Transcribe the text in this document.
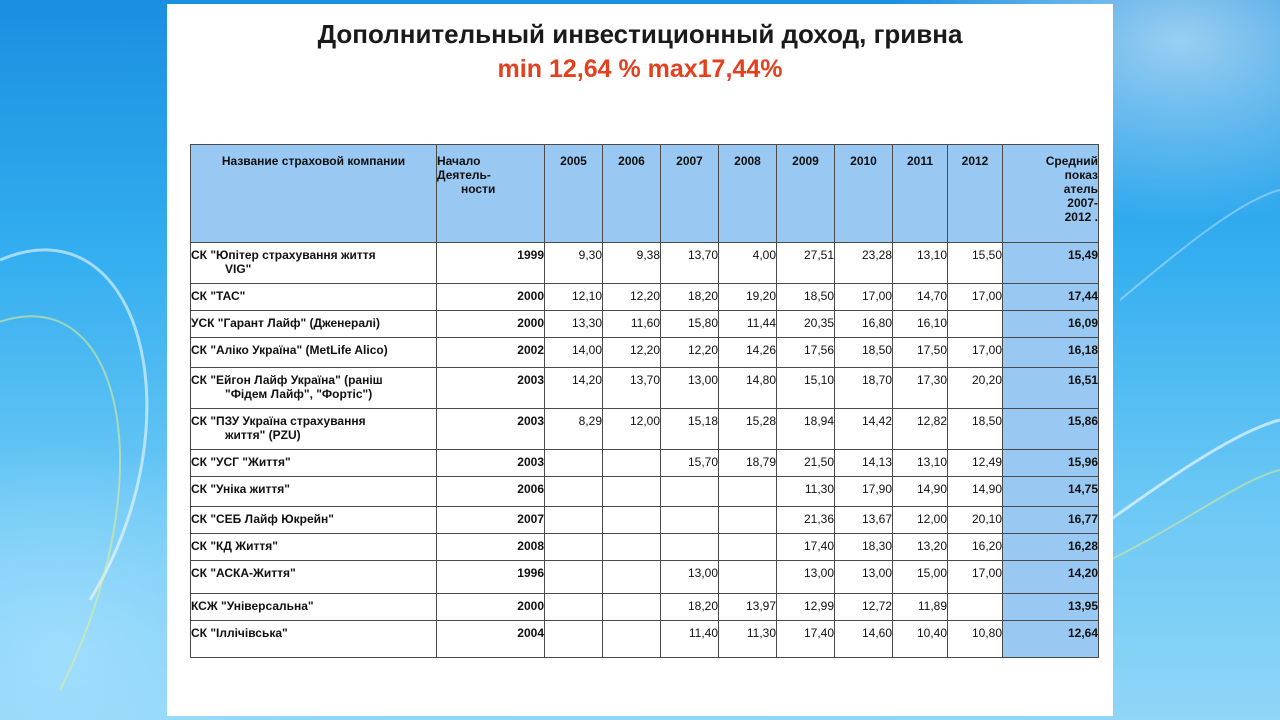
Дополнительный инвестиционный доход, гривна
min 12,64 % max17,44%
Название страховой компании	Начало
Деятель-
ности	2005	2006	2007	2008	2009	2010	2011	2012	Средний
показ
атель
2007-
2012 .
СК "Юпітер страхування життя
VIG"	1999	9,30	9,38	13,70	4,00	27,51	23,28	13,10	15,50	15,49
СК "ТАС"	2000	12,10	12,20	18,20	19,20	18,50	17,00	14,70	17,00	17,44
УСК "Гарант Лайф" (Дженералі)	2000	13,30	11,60	15,80	11,44	20,35	16,80	16,10		16,09
СК "Аліко Україна" (MetLife Alico)	2002	14,00	12,20	12,20	14,26	17,56	18,50	17,50	17,00	16,18
СК "Ейгон Лайф Україна" (раніш
"Фідем Лайф", "Фортіс")	2003	14,20	13,70	13,00	14,80	15,10	18,70	17,30	20,20	16,51
СК "ПЗУ Україна страхування
життя" (PZU)	2003	8,29	12,00	15,18	15,28	18,94	14,42	12,82	18,50	15,86
СК "УСГ "Життя"	2003			15,70	18,79	21,50	14,13	13,10	12,49	15,96
СК "Уніка життя"	2006					11,30	17,90	14,90	14,90	14,75
СК "СЕБ Лайф Юкрейн"	2007					21,36	13,67	12,00	20,10	16,77
СК "КД Життя"	2008					17,40	18,30	13,20	16,20	16,28
СК "АСКА-Життя"	1996			13,00		13,00	13,00	15,00	17,00	14,20
КСЖ "Універсальна"	2000			18,20	13,97	12,99	12,72	11,89		13,95
СК "Іллічівська"	2004			11,40	11,30	17,40	14,60	10,40	10,80	12,64
